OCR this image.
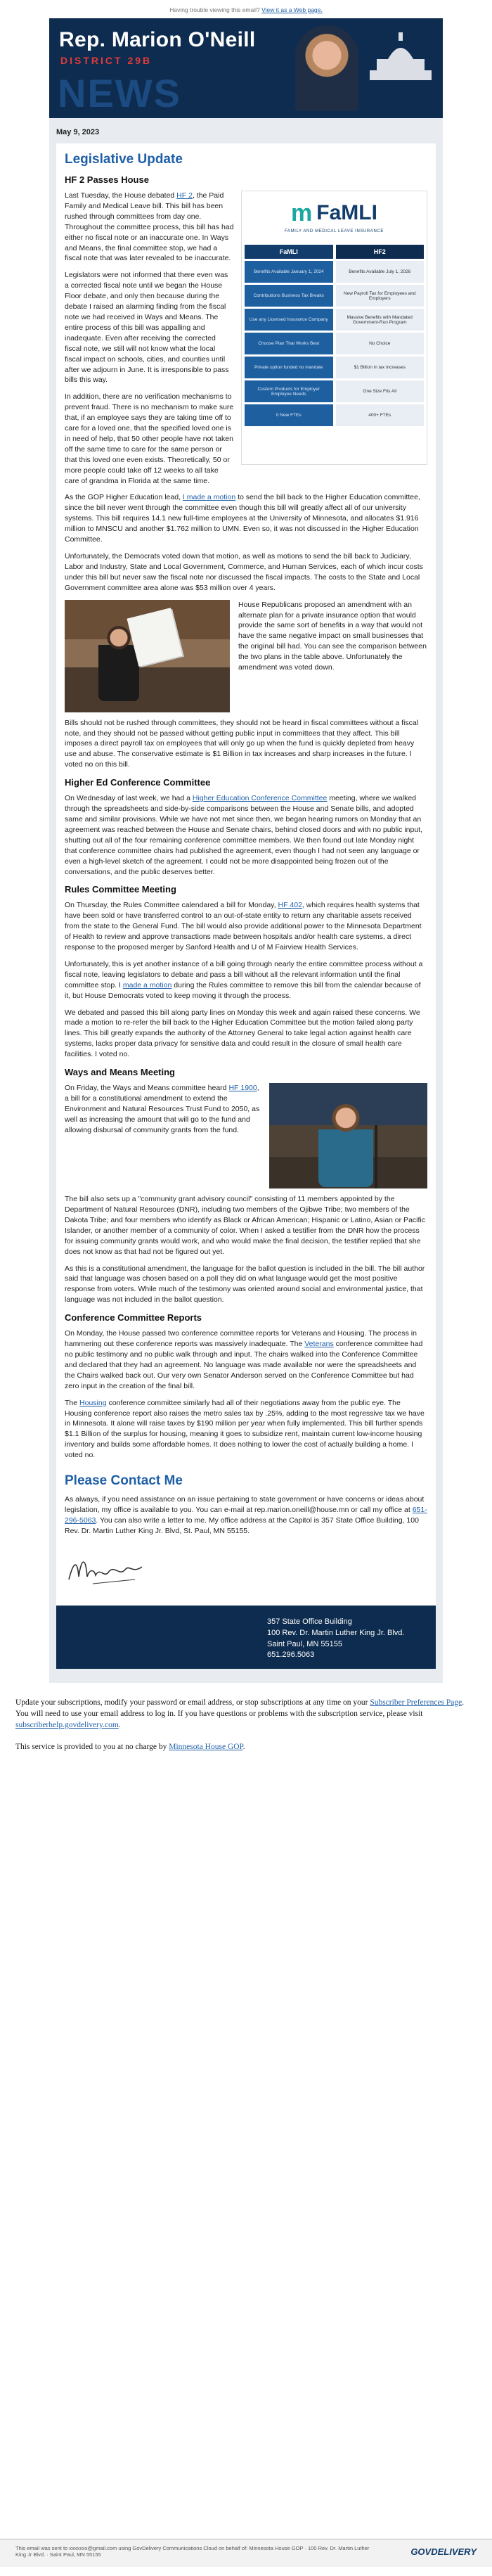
Having trouble viewing this email? View it as a Web page.
Rep. Marion O'Neill
DISTRICT 29B
NEWS
May 9, 2023
Legislative Update
HF 2 Passes House
m FaMLI
FAMILY AND MEDICAL LEAVE INSURANCE
FaMLI
Benefits Available January 1, 2024
Contributions Business Tax Breaks
Use any Licensed Insurance Company
Choose Plan That Works Best
Private option funded no mandate
Custom Products for Employer Employee Needs
0 New FTEs
HF2
Benefits Available July 1, 2026
New Payroll Tax for Employees and Employers
Massive Benefits with Mandated Government-Run Program
No Choice
$1 Billion in tax increases
One Size Fits All
400+ FTEs

Last Tuesday, the House debated HF 2, the Paid Family and Medical Leave bill. This bill has been rushed through committees from day one. Throughout the committee process, this bill has had either no fiscal note or an inaccurate one. In Ways and Means, the final committee stop, we had a fiscal note that was later revealed to be inaccurate.

Legislators were not informed that there even was a corrected fiscal note until we began the House Floor debate, and only then because during the debate I raised an alarming finding from the fiscal note we had received in Ways and Means. The entire process of this bill was appalling and inadequate. Even after receiving the corrected fiscal note, we still will not know what the local fiscal impact on schools, cities, and counties until after we adjourn in June. It is irresponsible to pass bills this way.

In addition, there are no verification mechanisms to prevent fraud. There is no mechanism to make sure that, if an employee says they are taking time off to care for a loved one, that the specified loved one is in need of help, that 50 other people have not taken off the same time to care for the same person or that this loved one even exists. Theoretically, 50 or more people could take off 12 weeks to all take care of grandma in Florida at the same time.

As the GOP Higher Education lead, I made a motion to send the bill back to the Higher Education committee, since the bill never went through the committee even though this bill will greatly affect all of our university systems. This bill requires 14.1 new full-time employees at the University of Minnesota, and allocates $1.916 million to MNSCU and another $1.762 million to UMN. Even so, it was not discussed in the Higher Education Committee.

Unfortunately, the Democrats voted down that motion, as well as motions to send the bill back to Judiciary, Labor and Industry, State and Local Government, Commerce, and Human Services, each of which incur costs under this bill but never saw the fiscal note nor discussed the fiscal impacts. The costs to the State and Local Government committee area alone was $53 million over 4 years.

House Republicans proposed an amendment with an alternate plan for a private insurance option that would provide the same sort of benefits in a way that would not have the same negative impact on small businesses that the original bill had. You can see the comparison between the two plans in the table above. Unfortunately the amendment was voted down.

Bills should not be rushed through committees, they should not be heard in fiscal committees without a fiscal note, and they should not be passed without getting public input in committees that they affect. This bill imposes a direct payroll tax on employees that will only go up when the fund is quickly depleted from heavy use and abuse. The conservative estimate is $1 Billion in tax increases and sharp increases in the future. I voted no on this bill.

Higher Ed Conference Committee

On Wednesday of last week, we had a Higher Education Conference Committee meeting, where we walked through the spreadsheets and side-by-side comparisons between the House and Senate bills, and adopted same and similar provisions. While we have not met since then, we began hearing rumors on Monday that an agreement was reached between the House and Senate chairs, behind closed doors and with no public input, shutting out all of the four remaining conference committee members. We then found out late Monday night that conference committee chairs had published the agreement, even though I had not seen any language or even a high-level sketch of the agreement. I could not be more disappointed being frozen out of the conversations, and the public deserves better.

Rules Committee Meeting

On Thursday, the Rules Committee calendared a bill for Monday, HF 402, which requires health systems that have been sold or have transferred control to an out-of-state entity to return any charitable assets received from the state to the General Fund. The bill would also provide additional power to the Minnesota Department of Health to review and approve transactions made between hospitals and/or health care systems, a direct response to the proposed merger by Sanford Health and U of M Fairview Health Services.

Unfortunately, this is yet another instance of a bill going through nearly the entire committee process without a fiscal note, leaving legislators to debate and pass a bill without all the relevant information until the final committee stop. I made a motion during the Rules committee to remove this bill from the calendar because of it, but House Democrats voted to keep moving it through the process.

We debated and passed this bill along party lines on Monday this week and again raised these concerns. We made a motion to re-refer the bill back to the Higher Education Committee but the motion failed along party lines. This bill greatly expands the authority of the Attorney General to take legal action against health care systems, lacks proper data privacy for sensitive data and could result in the closure of small health care facilities. I voted no.

Ways and Means Meeting

On Friday, the Ways and Means committee heard HF 1900, a bill for a constitutional amendment to extend the Environment and Natural Resources Trust Fund to 2050, as well as increasing the amount that will go to the fund and allowing disbursal of community grants from the fund.

The bill also sets up a "community grant advisory council" consisting of 11 members appointed by the Department of Natural Resources (DNR), including two members of the Ojibwe Tribe; two members of the Dakota Tribe; and four members who identify as Black or African American; Hispanic or Latino, Asian or Pacific Islander, or another member of a community of color. When I asked a testifier from the DNR how the process for issuing community grants would work, and who would make the final decision, the testifier replied that she does not know as that had not be figured out yet.

As this is a constitutional amendment, the language for the ballot question is included in the bill. The bill author said that language was chosen based on a poll they did on what language would get the most positive response from voters. While much of the testimony was oriented around social and environmental justice, that language was not included in the ballot question.

Conference Committee Reports

On Monday, the House passed two conference committee reports for Veterans and Housing. The process in hammering out these conference reports was massively inadequate. The Veterans conference committee had no public testimony and no public walk through and input. The chairs walked into the Conference Committee and declared that they had an agreement. No language was made available nor were the spreadsheets and the Chairs walked back out. Our very own Senator Anderson served on the Conference Committee but had zero input in the creation of the final bill.

The Housing conference committee similarly had all of their negotiations away from the public eye. The Housing conference report also raises the metro sales tax by .25%, adding to the most regressive tax we have in Minnesota. It alone will raise taxes by $190 million per year when fully implemented. This bill further spends $1.1 Billion of the surplus for housing, meaning it goes to subsidize rent, maintain current low-income housing inventory and builds some affordable homes. It does nothing to lower the cost of actually building a home. I voted no.

Please Contact Me

As always, if you need assistance on an issue pertaining to state government or have concerns or ideas about legislation, my office is available to you. You can e-mail at rep.marion.oneill@house.mn or call my office at 651-296-5063. You can also write a letter to me. My office address at the Capitol is 357 State Office Building, 100 Rev. Dr. Martin Luther King Jr. Blvd, St. Paul, MN 55155.

357 State Office Building
100 Rev. Dr. Martin Luther King Jr. Blvd.
Saint Paul, MN 55155
651.296.5063

Update your subscriptions, modify your password or email address, or stop subscriptions at any time on your Subscriber Preferences Page. You will need to use your email address to log in. If you have questions or problems with the subscription service, please visit subscriberhelp.govdelivery.com.

This service is provided to you at no charge by Minnesota House GOP.

This email was sent to xxxxxxx@gmail.com using GovDelivery Communications Cloud on behalf of: Minnesota House GOP · 100 Rev. Dr. Martin Luther King Jr Blvd. · Saint Paul, MN 55155	GOVDELIVERY
